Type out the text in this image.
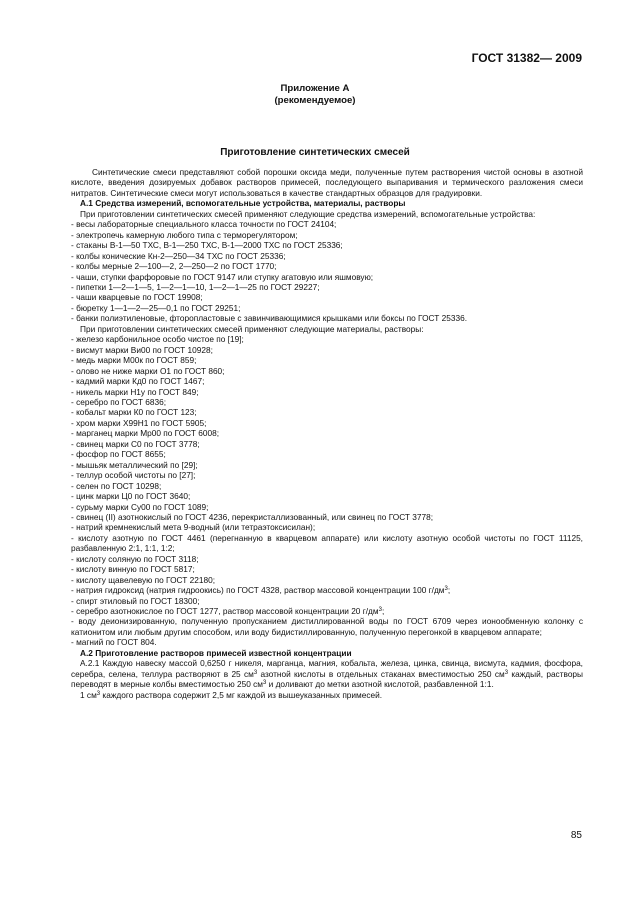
ГОСТ 31382— 2009
Приложение А
(рекомендуемое)
Приготовление синтетических смесей
Синтетические смеси представляют собой порошки оксида меди, полученные путем растворения чистой основы в азотной кислоте, введения дозируемых добавок растворов примесей, последующего выпаривания и термического разложения смеси нитратов. Синтетические смеси могут использоваться в качестве стандартных образцов для градуировки.
А.1 Средства измерений, вспомогательные устройства, материалы, растворы
При приготовлении синтетических смесей применяют следующие средства измерений, вспомогательные устройства:
- весы лабораторные специального класса точности по ГОСТ 24104;
- электропечь камерную любого типа с терморегулятором;
- стаканы В-1—50 ТХС, В-1—250 ТХС, В-1—2000 ТХС по ГОСТ 25336;
- колбы конические Кн-2—250—34 ТХС по ГОСТ 25336;
- колбы мерные 2—100—2, 2—250—2 по ГОСТ 1770;
- чаши, ступки фарфоровые по ГОСТ 9147 или ступку агатовую или яшмовую;
- пипетки 1—2—1—5, 1—2—1—10, 1—2—1—25 по ГОСТ 29227;
- чаши кварцевые по ГОСТ 19908;
- бюретку 1—1—2—25—0,1 по ГОСТ 29251;
- банки полиэтиленовые, фторопластовые с завинчивающимися крышками или боксы по ГОСТ 25336.
При приготовлении синтетических смесей применяют следующие материалы, растворы:
- железо карбонильное особо чистое по [19];
- висмут марки Ви00 по ГОСТ 10928;
- медь марки М00к по ГОСТ 859;
- олово не ниже марки О1 по ГОСТ 860;
- кадмий марки Кд0 по ГОСТ 1467;
- никель марки Н1у по ГОСТ 849;
- серебро по ГОСТ 6836;
- кобальт марки К0 по ГОСТ 123;
- хром марки Х99Н1 по ГОСТ 5905;
- марганец марки Мр00 по ГОСТ 6008;
- свинец марки С0 по ГОСТ 3778;
- фосфор по ГОСТ 8655;
- мышьяк металлический по [29];
- теллур особой чистоты по [27];
- селен по ГОСТ 10298;
- цинк марки Ц0 по ГОСТ 3640;
- сурьму марки Су00 по ГОСТ 1089;
- свинец (II) азотнокислый по ГОСТ 4236, перекристаллизованный, или свинец по ГОСТ 3778;
- натрий кремнекислый мета 9-водный (или тетраэтоксисилан);
- кислоту азотную по ГОСТ 4461 (перегнанную в кварцевом аппарате) или кислоту азотную особой чистоты по ГОСТ 11125, разбавленную 2:1, 1:1, 1:2;
- кислоту соляную по ГОСТ 3118;
- кислоту винную по ГОСТ 5817;
- кислоту щавелевую по ГОСТ 22180;
- натрия гидроксид (натрия гидроокись) по ГОСТ 4328, раствор массовой концентрации 100 $г/дм^3$;
- спирт этиловый по ГОСТ 18300;
- серебро азотнокислое по ГОСТ 1277, раствор массовой концентрации 20 $г/дм^3$;
- воду деионизированную, полученную пропусканием дистиллированной воды по ГОСТ 6709 через ионообменную колонку с катионитом или любым другим способом, или воду бидистиллированную, полученную перегонкой в кварцевом аппарате;
- магний по ГОСТ 804.
А.2 Приготовление растворов примесей известной концентрации
А.2.1 Каждую навеску массой 0,6250 г никеля, марганца, магния, кобальта, железа, цинка, свинца, висмута, кадмия, фосфора, серебра, селена, теллура растворяют в 25 $см^3$ азотной кислоты в отдельных стаканах вместимостью 250 $см^3$ каждый, растворы переводят в мерные колбы вместимостью 250 $см^3$ и доливают до метки азотной кислотой, разбавленной 1:1.
1 $см^3$ каждого раствора содержит 2,5 мг каждой из вышеуказанных примесей.
85
